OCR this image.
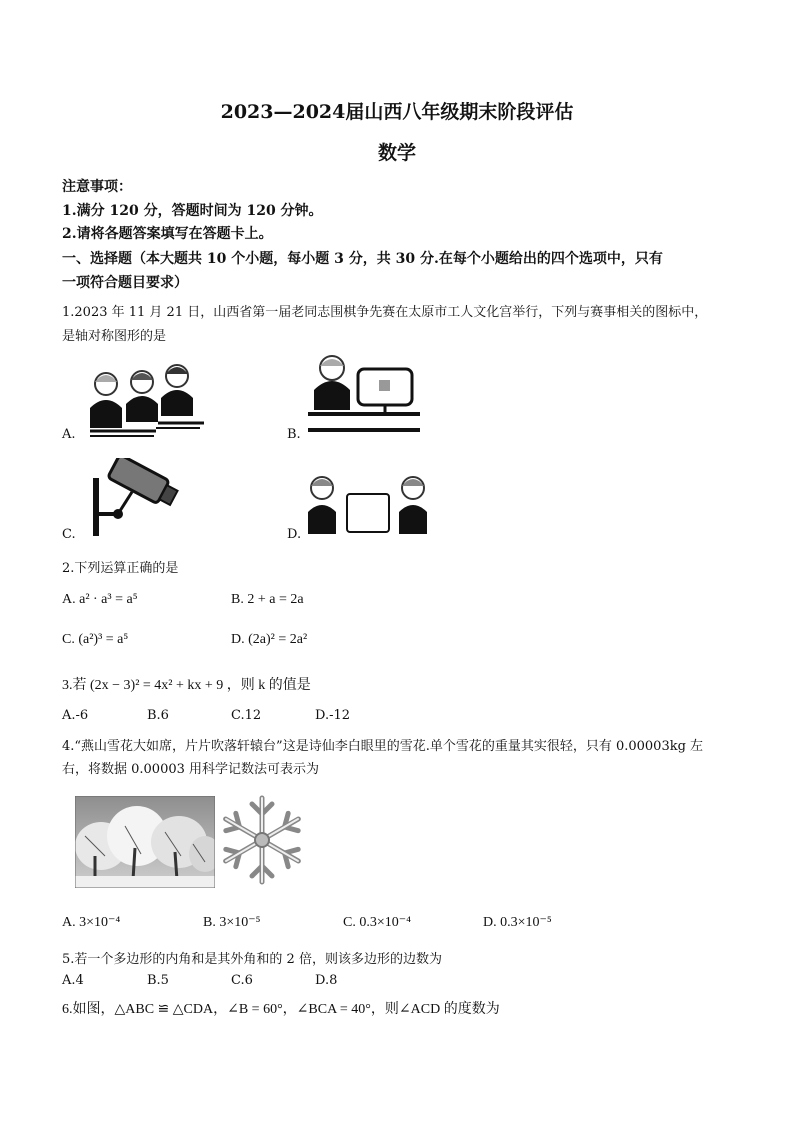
2023—2024届山西八年级期末阶段评估
数学
注意事项：
1.满分 120 分，答题时间为 120 分钟。
2.请将各题答案填写在答题卡上。
一、选择题（本大题共 10 个小题，每小题 3 分，共 30 分.在每个小题给出的四个选项中，只有
一项符合题目要求）
1.2023 年 11 月 21 日，山西省第一届老同志围棋争先赛在太原市工人文化宫举行，下列与赛事相关的图标中，
是轴对称图形的是
A.	B.
C.	D.
2.下列运算正确的是
A. a² · a³ = a⁵	B. 2 + a = 2a
C. (a²)³ = a⁵	D. (2a)² = 2a²
3.若 (2x − 3)² = 4x² + kx + 9 ，则 k 的值是
A.-6	B.6	C.12	D.-12
4.“燕山雪花大如席，片片吹落轩辕台”这是诗仙李白眼里的雪花.单个雪花的重量其实很轻，只有 0.00003kg 左
右，将数据 0.00003 用科学记数法可表示为
A. 3×10⁻⁴	B. 3×10⁻⁵	C. 0.3×10⁻⁴	D. 0.3×10⁻⁵
5.若一个多边形的内角和是其外角和的 2 倍，则该多边形的边数为
A.4	B.5	C.6	D.8
6.如图，△ABC ≌ △CDA，∠B = 60°，∠BCA = 40°，则∠ACD 的度数为
